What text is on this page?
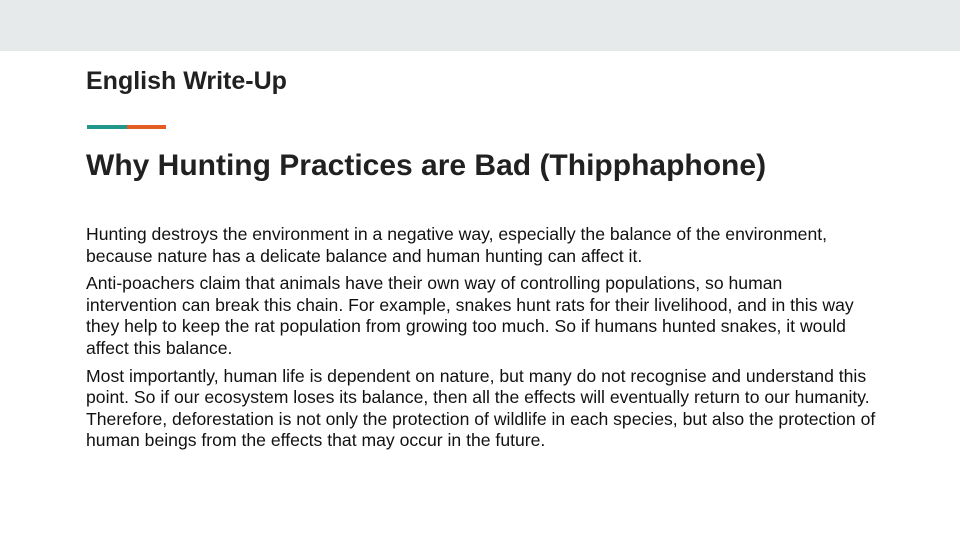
English Write-Up
Why Hunting Practices are Bad (Thipphaphone)

Hunting destroys the environment in a negative way, especially the balance of the environment, because nature has a delicate balance and human hunting can affect it.

Anti-poachers claim that animals have their own way of controlling populations, so human intervention can break this chain. For example, snakes hunt rats for their livelihood, and in this way they help to keep the rat population from growing too much. So if humans hunted snakes, it would affect this balance.

Most importantly, human life is dependent on nature, but many do not recognise and understand this point. So if our ecosystem loses its balance, then all the effects will eventually return to our humanity. Therefore, deforestation is not only the protection of wildlife in each species, but also the protection of human beings from the effects that may occur in the future.
